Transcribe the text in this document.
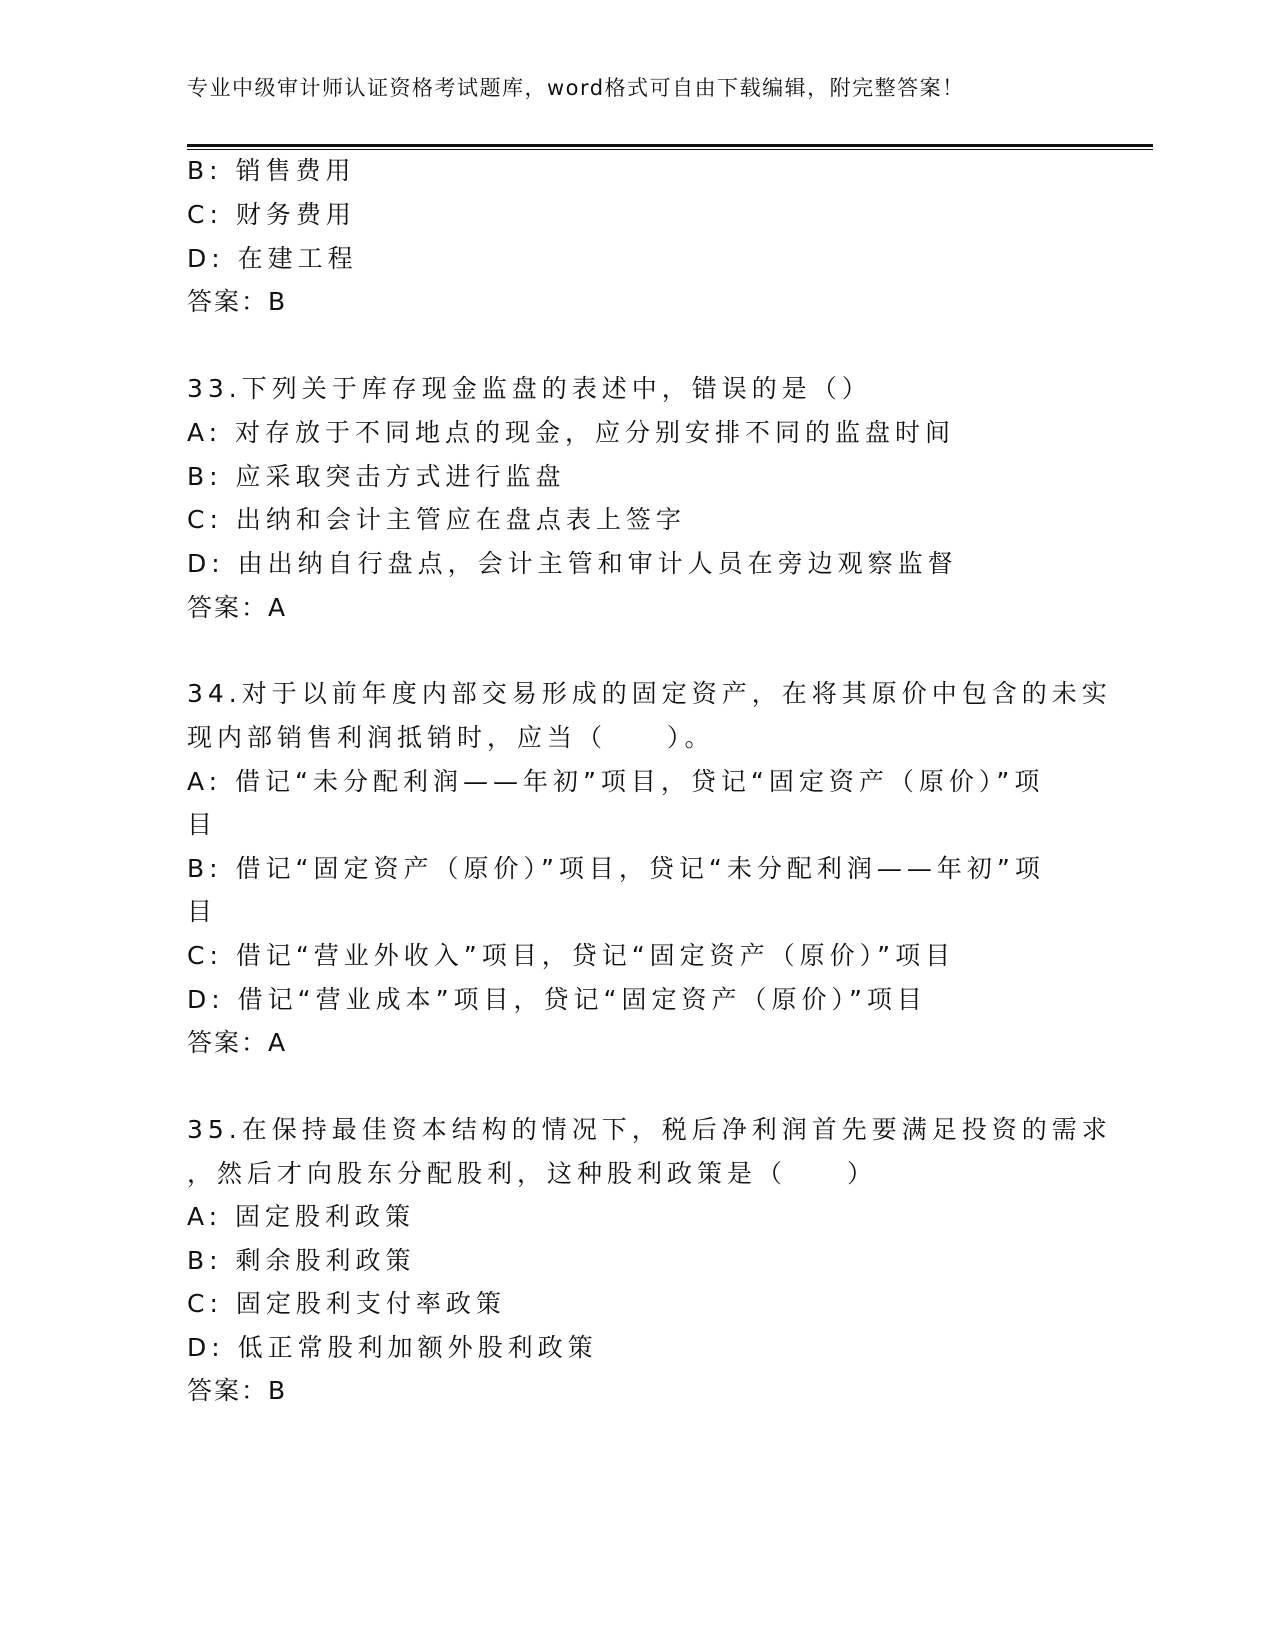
专业中级审计师认证资格考试题库，word格式可自由下载编辑，附完整答案！
B: 销售费用
C: 财务费用
D: 在建工程
答案：B
33.下列关于库存现金监盘的表述中，错误的是（）
A: 对存放于不同地点的现金，应分别安排不同的监盘时间
B: 应采取突击方式进行监盘
C: 出纳和会计主管应在盘点表上签字
D: 由出纳自行盘点，会计主管和审计人员在旁边观察监督
答案：A
34.对于以前年度内部交易形成的固定资产，在将其原价中包含的未实
现内部销售利润抵销时，应当（　　）。
A: 借记“未分配利润——年初”项目，贷记“固定资产（原价）”项
目
B: 借记“固定资产（原价）”项目，贷记“未分配利润——年初”项
目
C: 借记“营业外收入”项目，贷记“固定资产（原价）”项目
D: 借记“营业成本”项目，贷记“固定资产（原价）”项目
答案：A
35.在保持最佳资本结构的情况下，税后净利润首先要满足投资的需求
，然后才向股东分配股利，这种股利政策是（　　）
A: 固定股利政策
B: 剩余股利政策
C: 固定股利支付率政策
D: 低正常股利加额外股利政策
答案：B
